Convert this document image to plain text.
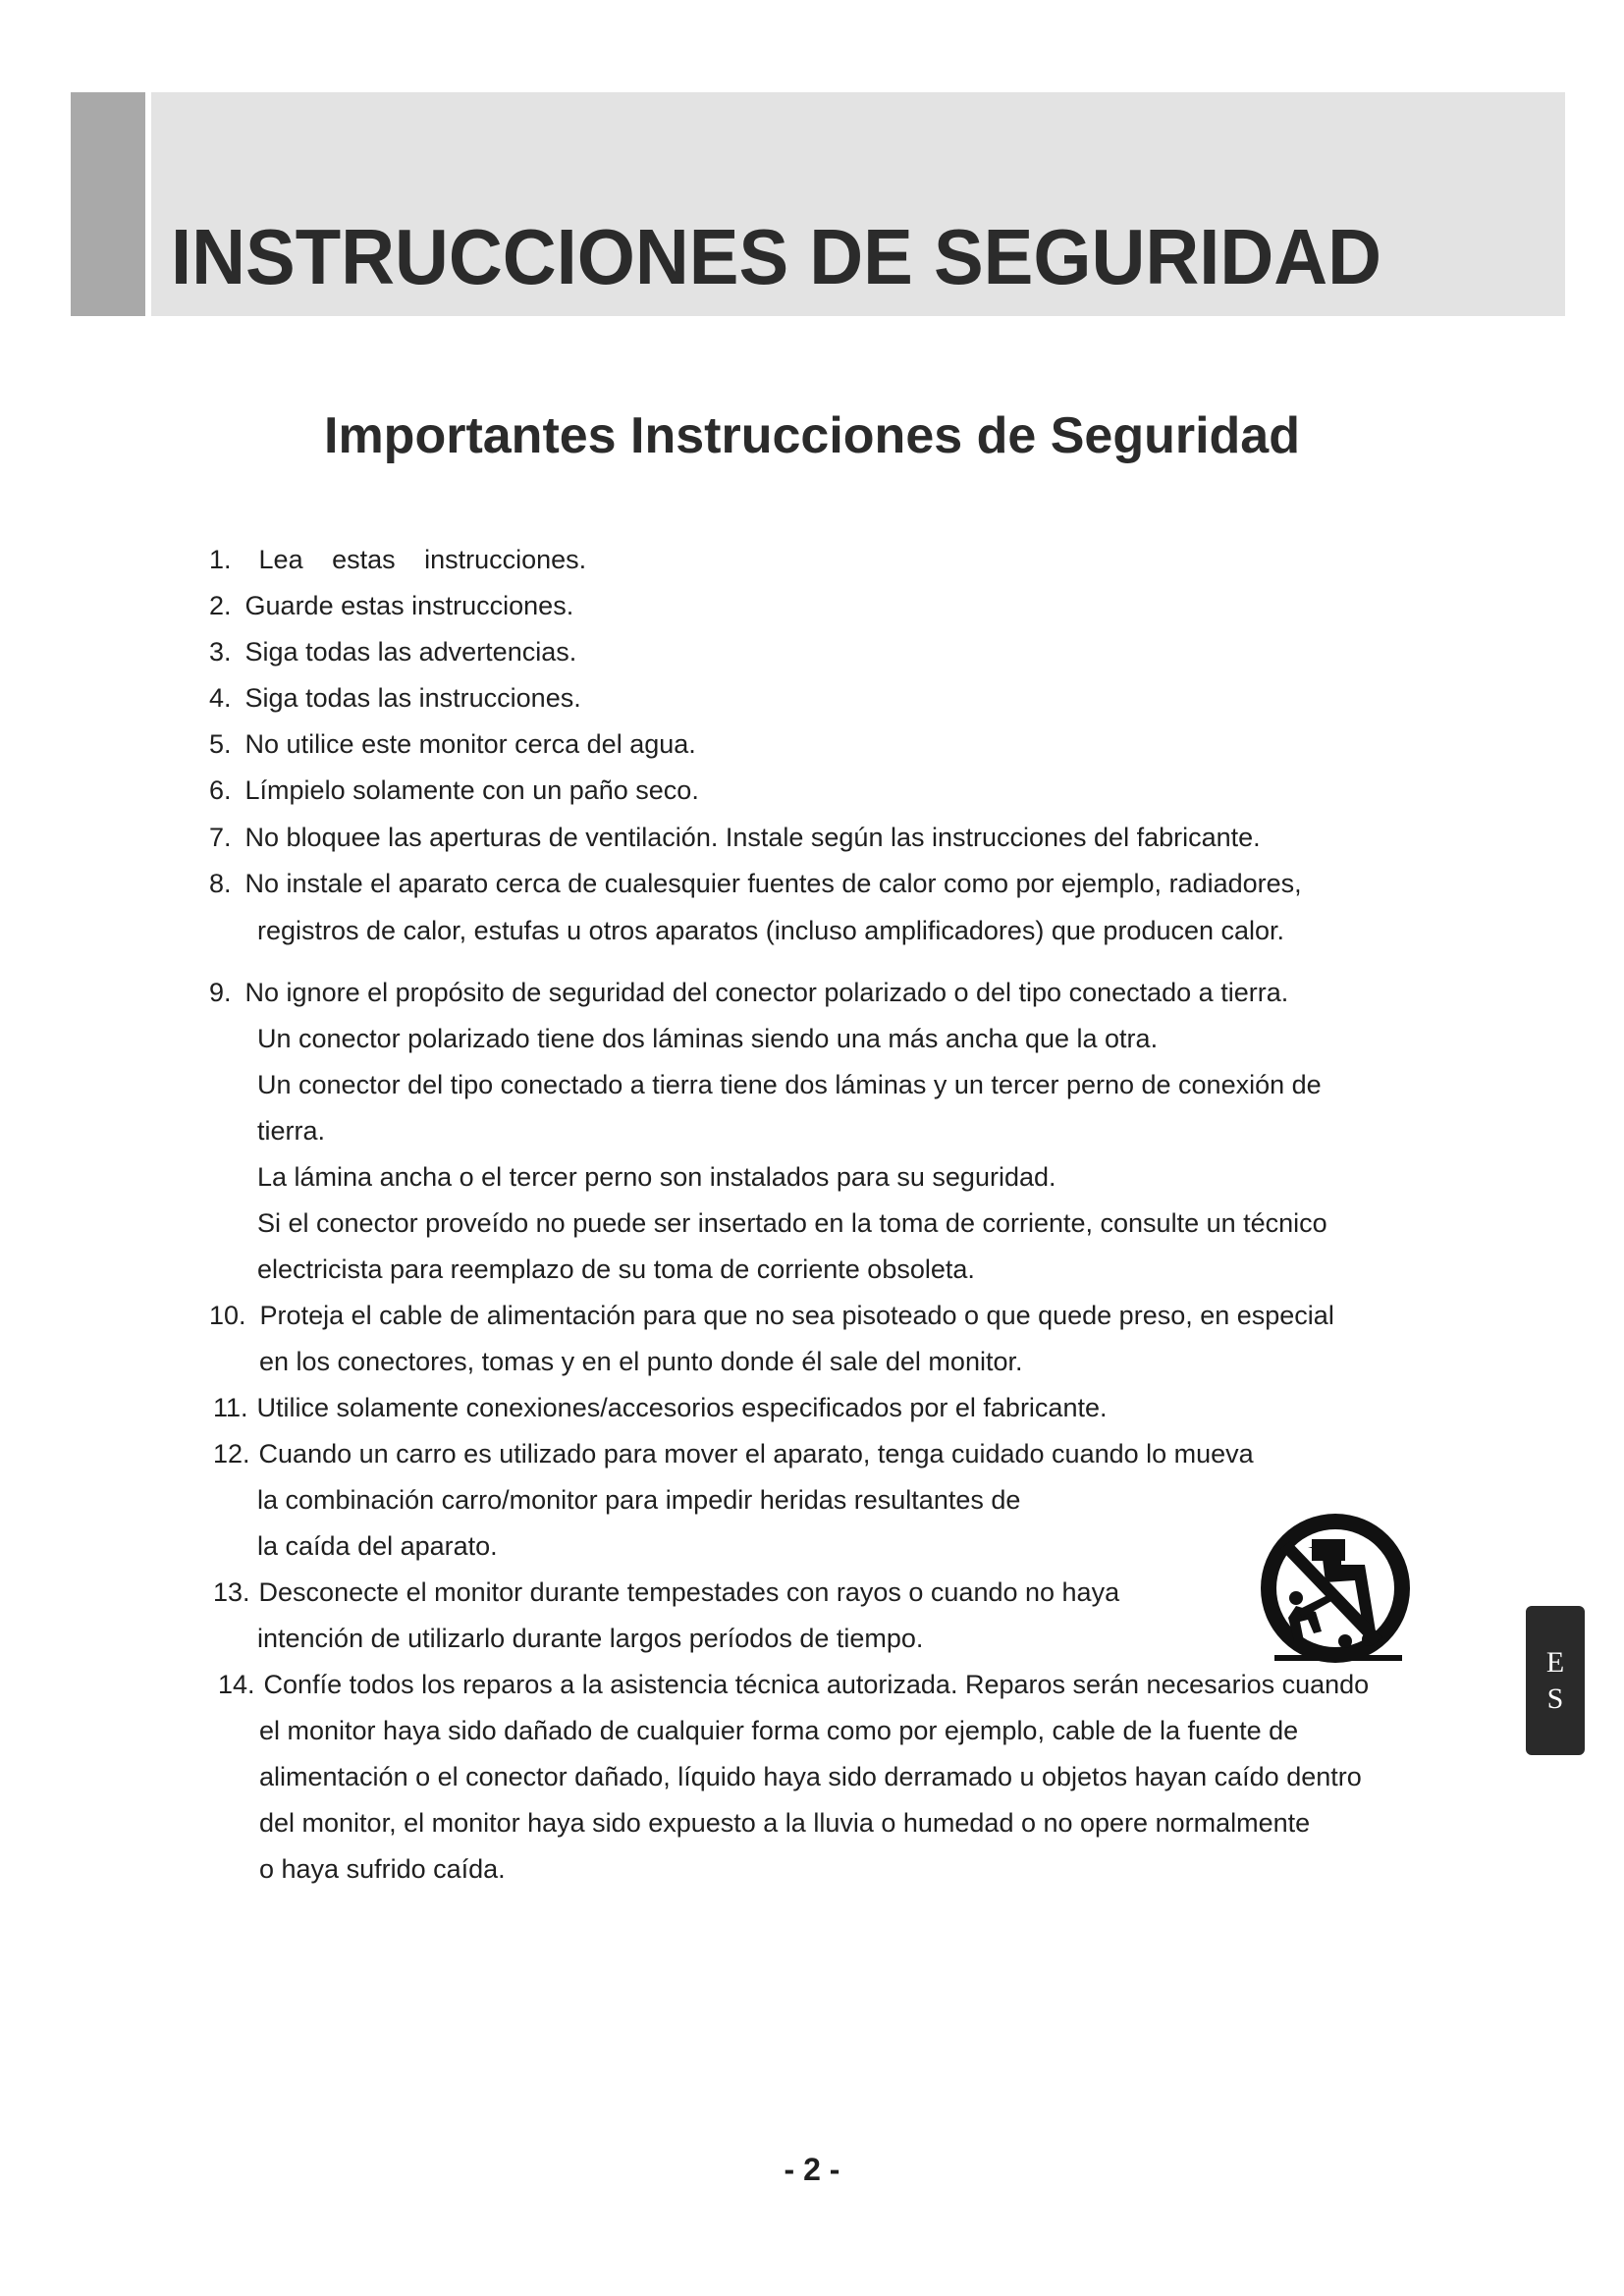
INSTRUCCIONES DE SEGURIDAD
Importantes Instrucciones de Seguridad

1. Lea estas instrucciones.

2. Guarde estas instrucciones.

3. Siga todas las advertencias.

4. Siga todas las instrucciones.

5. No utilice este monitor cerca del agua.

6. Límpielo solamente con un paño seco.

7. No bloquee las aperturas de ventilación. Instale según las instrucciones del fabricante.

8. No instale el aparato cerca de cualesquier fuentes de calor como por ejemplo, radiadores,

registros de calor, estufas u otros aparatos (incluso amplificadores) que producen calor.

9. No ignore el propósito de seguridad del conector polarizado o del tipo conectado a tierra.

Un conector polarizado tiene dos láminas siendo una más ancha que la otra.

Un conector del tipo conectado a tierra tiene dos láminas y un tercer perno de conexión de

tierra.

La lámina ancha o el tercer perno son instalados para su seguridad.

Si el conector proveído no puede ser insertado en la toma de corriente, consulte un técnico

electricista para reemplazo de su toma de corriente obsoleta.

10. Proteja el cable de alimentación para que no sea pisoteado o que quede preso, en especial

en los conectores, tomas y en el punto donde él sale del monitor.

11. Utilice solamente conexiones/accesorios especificados por el fabricante.

12. Cuando un carro es utilizado para mover el aparato, tenga cuidado cuando lo mueva

la combinación carro/monitor para impedir heridas resultantes de

la caída del aparato.

13. Desconecte el monitor durante tempestades con rayos o cuando no haya

intención de utilizarlo durante largos períodos de tiempo.

14. Confíe todos los reparos a la asistencia técnica autorizada. Reparos serán necesarios cuando

el monitor haya sido dañado de cualquier forma como por ejemplo, cable de la fuente de

alimentación o el conector dañado, líquido haya sido derramado u objetos hayan caído dentro

del monitor, el monitor haya sido expuesto a la lluvia o humedad o no opere normalmente

o haya sufrido caída.

E
S
- 2 -
